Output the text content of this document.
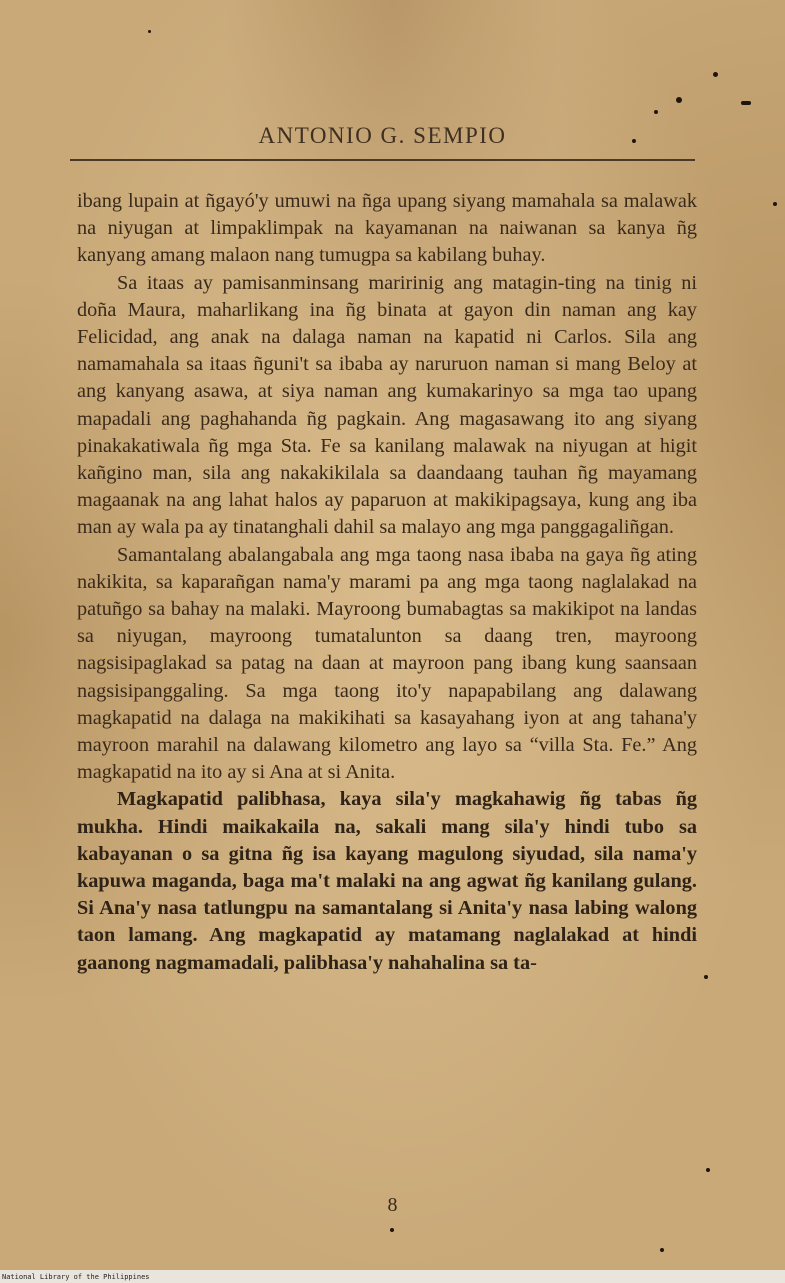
ANTONIO G. SEMPIO

ibang lupain at ñgayó'y umuwi na ñga upang siyang mamahala sa malawak na niyugan at limpaklimpak na kayamanan na naiwanan sa kanya ñg kanyang amang malaon nang tumugpa sa kabilang buhay.

Sa itaas ay pamisanminsang maririnig ang matagin-ting na tinig ni doña Maura, maharlikang ina ñg binata at gayon din naman ang kay Felicidad, ang anak na dalaga naman na kapatid ni Carlos. Sila ang namamahala sa itaas ñguni't sa ibaba ay naruruon naman si mang Beloy at ang kanyang asawa, at siya naman ang kumakarinyo sa mga tao upang mapadali ang paghahanda ñg pagkain. Ang magasawang ito ang siyang pinakakatiwala ñg mga Sta. Fe sa kanilang malawak na niyugan at higit kañgino man, sila ang nakakikilala sa daandaang tauhan ñg mayamang magaanak na ang lahat halos ay paparuon at makikipagsaya, kung ang iba man ay wala pa ay tinatanghali dahil sa malayo ang mga panggagaliñgan.

Samantalang abalangabala ang mga taong nasa ibaba na gaya ñg ating nakikita, sa kaparañgan nama'y marami pa ang mga taong naglalakad na patuñgo sa bahay na malaki. Mayroong bumabagtas sa makikipot na landas sa niyugan, mayroong tumatalunton sa daang tren, mayroong nagsisipaglakad sa patag na daan at mayroon pang ibang kung saansaan nagsisipanggaling. Sa mga taong ito'y napapabilang ang dalawang magkapatid na dalaga na makikihati sa kasayahang iyon at ang tahana'y mayroon marahil na dalawang kilometro ang layo sa “villa Sta. Fe.” Ang magkapatid na ito ay si Ana at si Anita.

Magkapatid palibhasa, kaya sila'y magkahawig ñg tabas ñg mukha. Hindi maikakaila na, sakali mang sila'y hindi tubo sa kabayanan o sa gitna ñg isa kayang magulong siyudad, sila nama'y kapuwa maganda, baga ma't malaki na ang agwat ñg kanilang gulang. Si Ana'y nasa tatlungpu na samantalang si Anita'y nasa labing walong taon lamang. Ang magkapatid ay matamang naglalakad at hindi gaanong nagmamadali, palibhasa'y nahahalina sa ta-

8
National Library of the Philippines
